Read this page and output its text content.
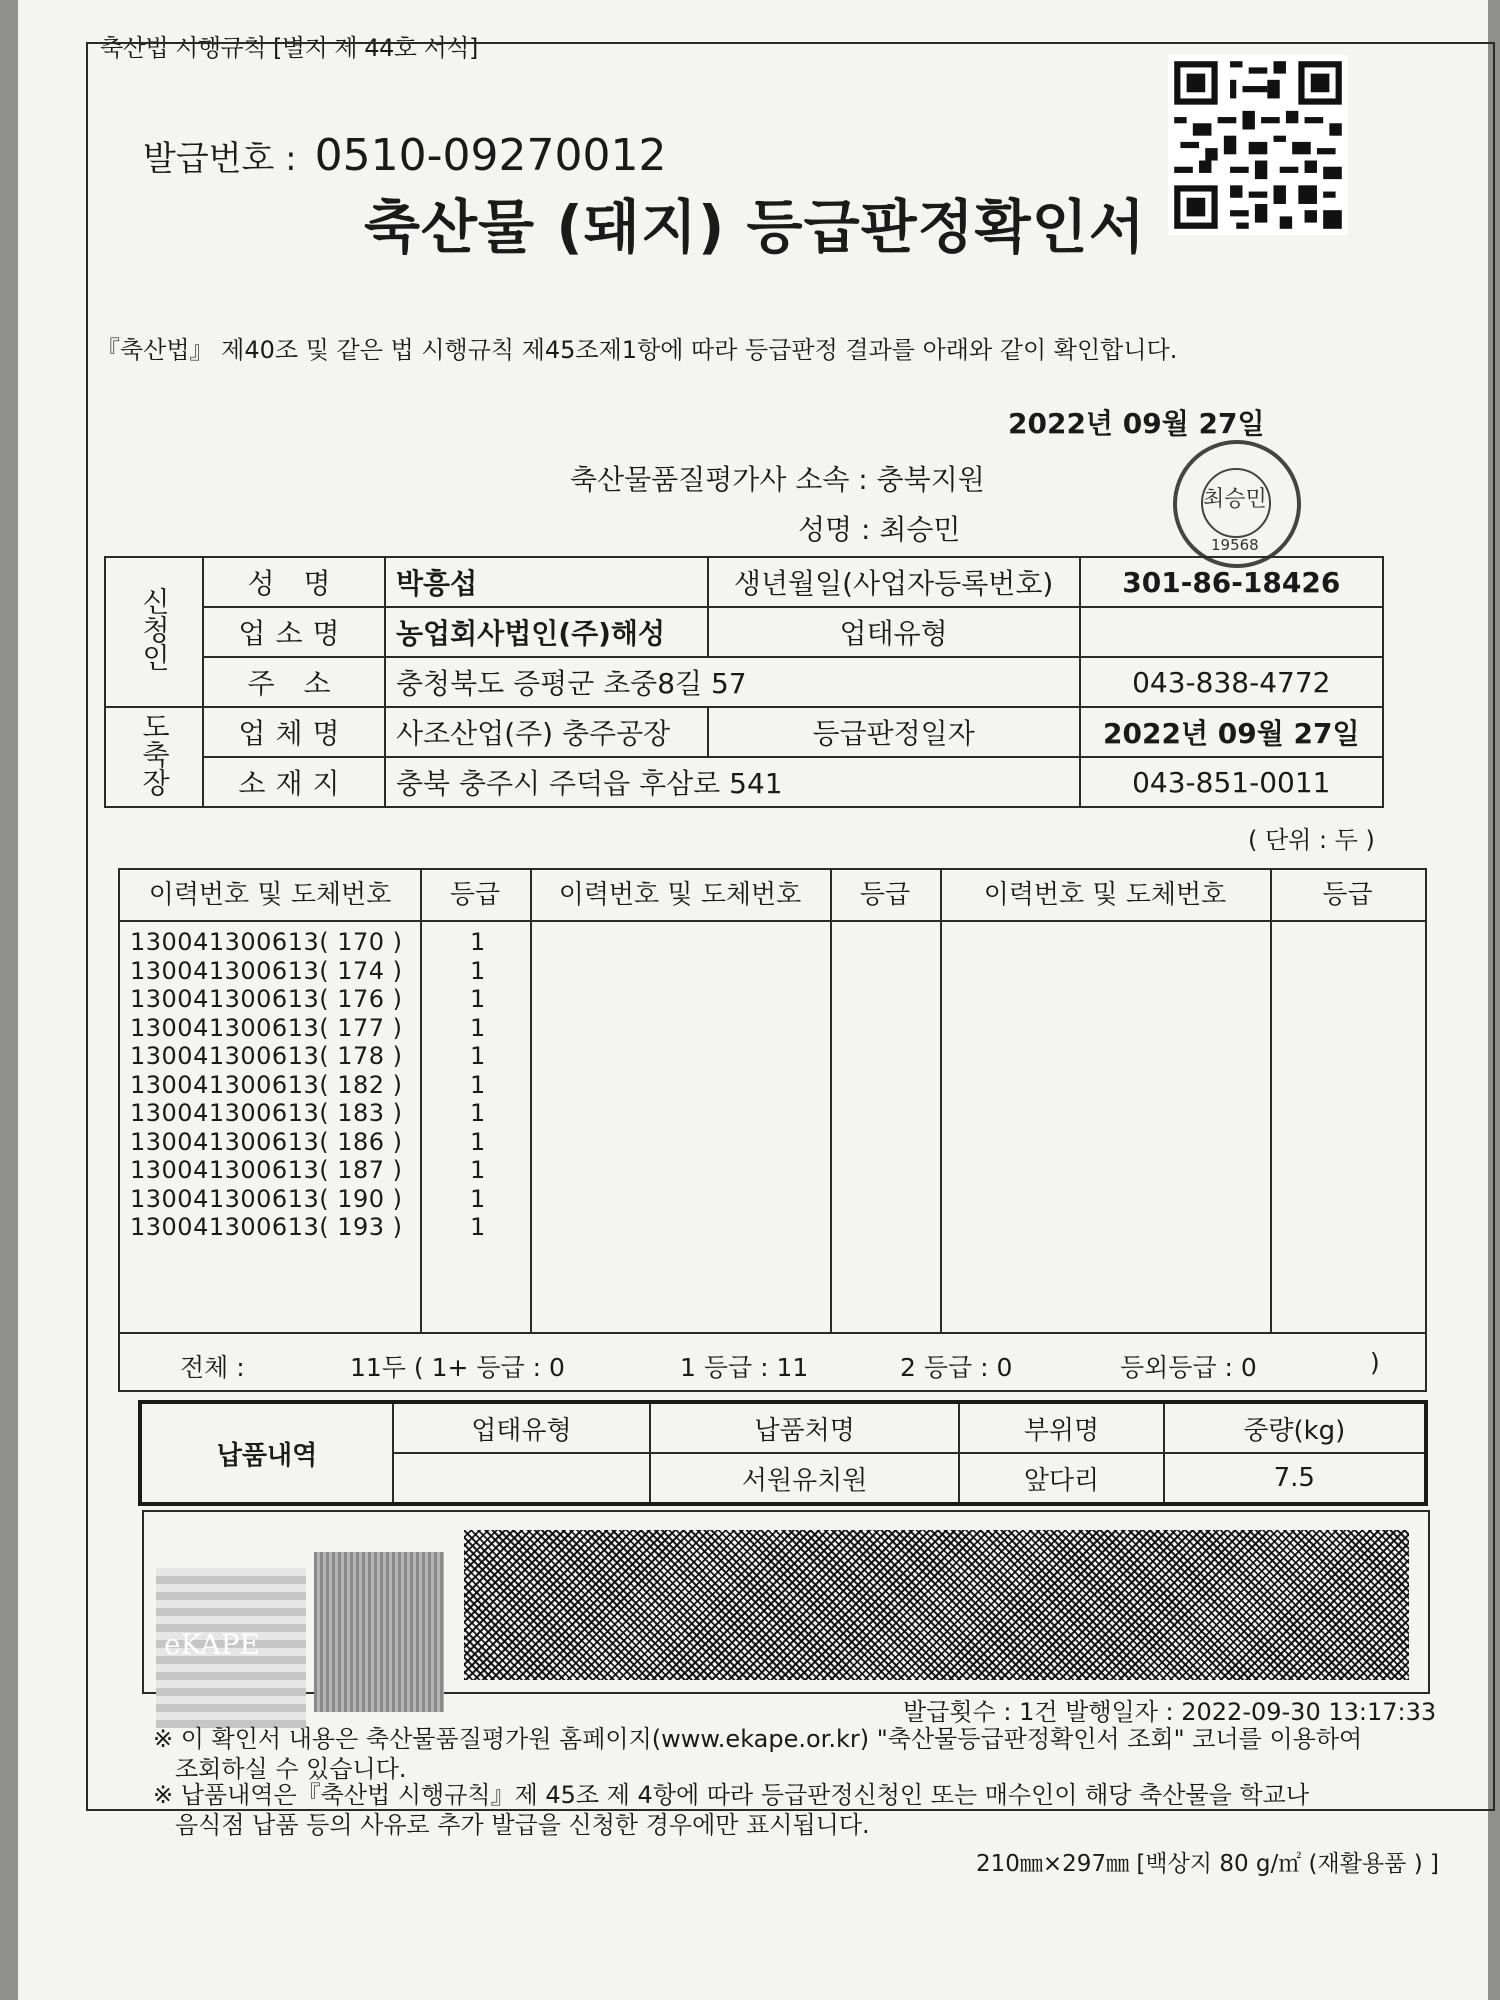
축산법 시행규칙 [별지 제 44호 서식]
발급번호 : 0510-09270012
축산물 (돼지) 등급판정확인서
『축산법』 제40조 및 같은 법 시행규칙 제45조제1항에 따라 등급판정 결과를 아래와 같이 확인합니다.
2022년 09월 27일
축산물품질평가사 소속 : 충북지원
성명 : 최승민
최승민
19568
신청인	성 명	박흥섭	생년월일(사업자등록번호)	301-86-18426
	업소명	농업회사법인(주)해성	업태유형	
	주 소	충청북도 증평군 초중8길 57		043-838-4772
도축장	업체명	사조산업(주) 충주공장	등급판정일자	2022년 09월 27일
	소재지	충북 충주시 주덕읍 후삼로 541		043-851-0011
( 단위 : 두 )
이력번호 및 도체번호	등급	이력번호 및 도체번호	등급	이력번호 및 도체번호	등급
130041300613( 170 )	1
130041300613( 174 )	1
130041300613( 176 )	1
130041300613( 177 )	1
130041300613( 178 )	1
130041300613( 182 )	1
130041300613( 183 )	1
130041300613( 186 )	1
130041300613( 187 )	1
130041300613( 190 )	1
130041300613( 193 )	1
전체 :	11두 ( 1+ 등급 : 0	1 등급 : 11	2 등급 : 0	등외등급 : 0	)
납품내역	업태유형	납품처명	부위명	중량(kg)
		서원유치원	앞다리	7.5
eKAPE
발급횟수 : 1건 발행일자 : 2022-09-30 13:17:33
※ 이 확인서 내용은 축산물품질평가원 홈페이지(www.ekape.or.kr) "축산물등급판정확인서 조회" 코너를 이용하여
조회하실 수 있습니다.
※ 납품내역은『축산법 시행규칙』제 45조 제 4항에 따라 등급판정신청인 또는 매수인이 해당 축산물을 학교나
음식점 납품 등의 사유로 추가 발급을 신청한 경우에만 표시됩니다.
210㎜×297㎜ [백상지 80 g/㎡ (재활용품 ) ]
